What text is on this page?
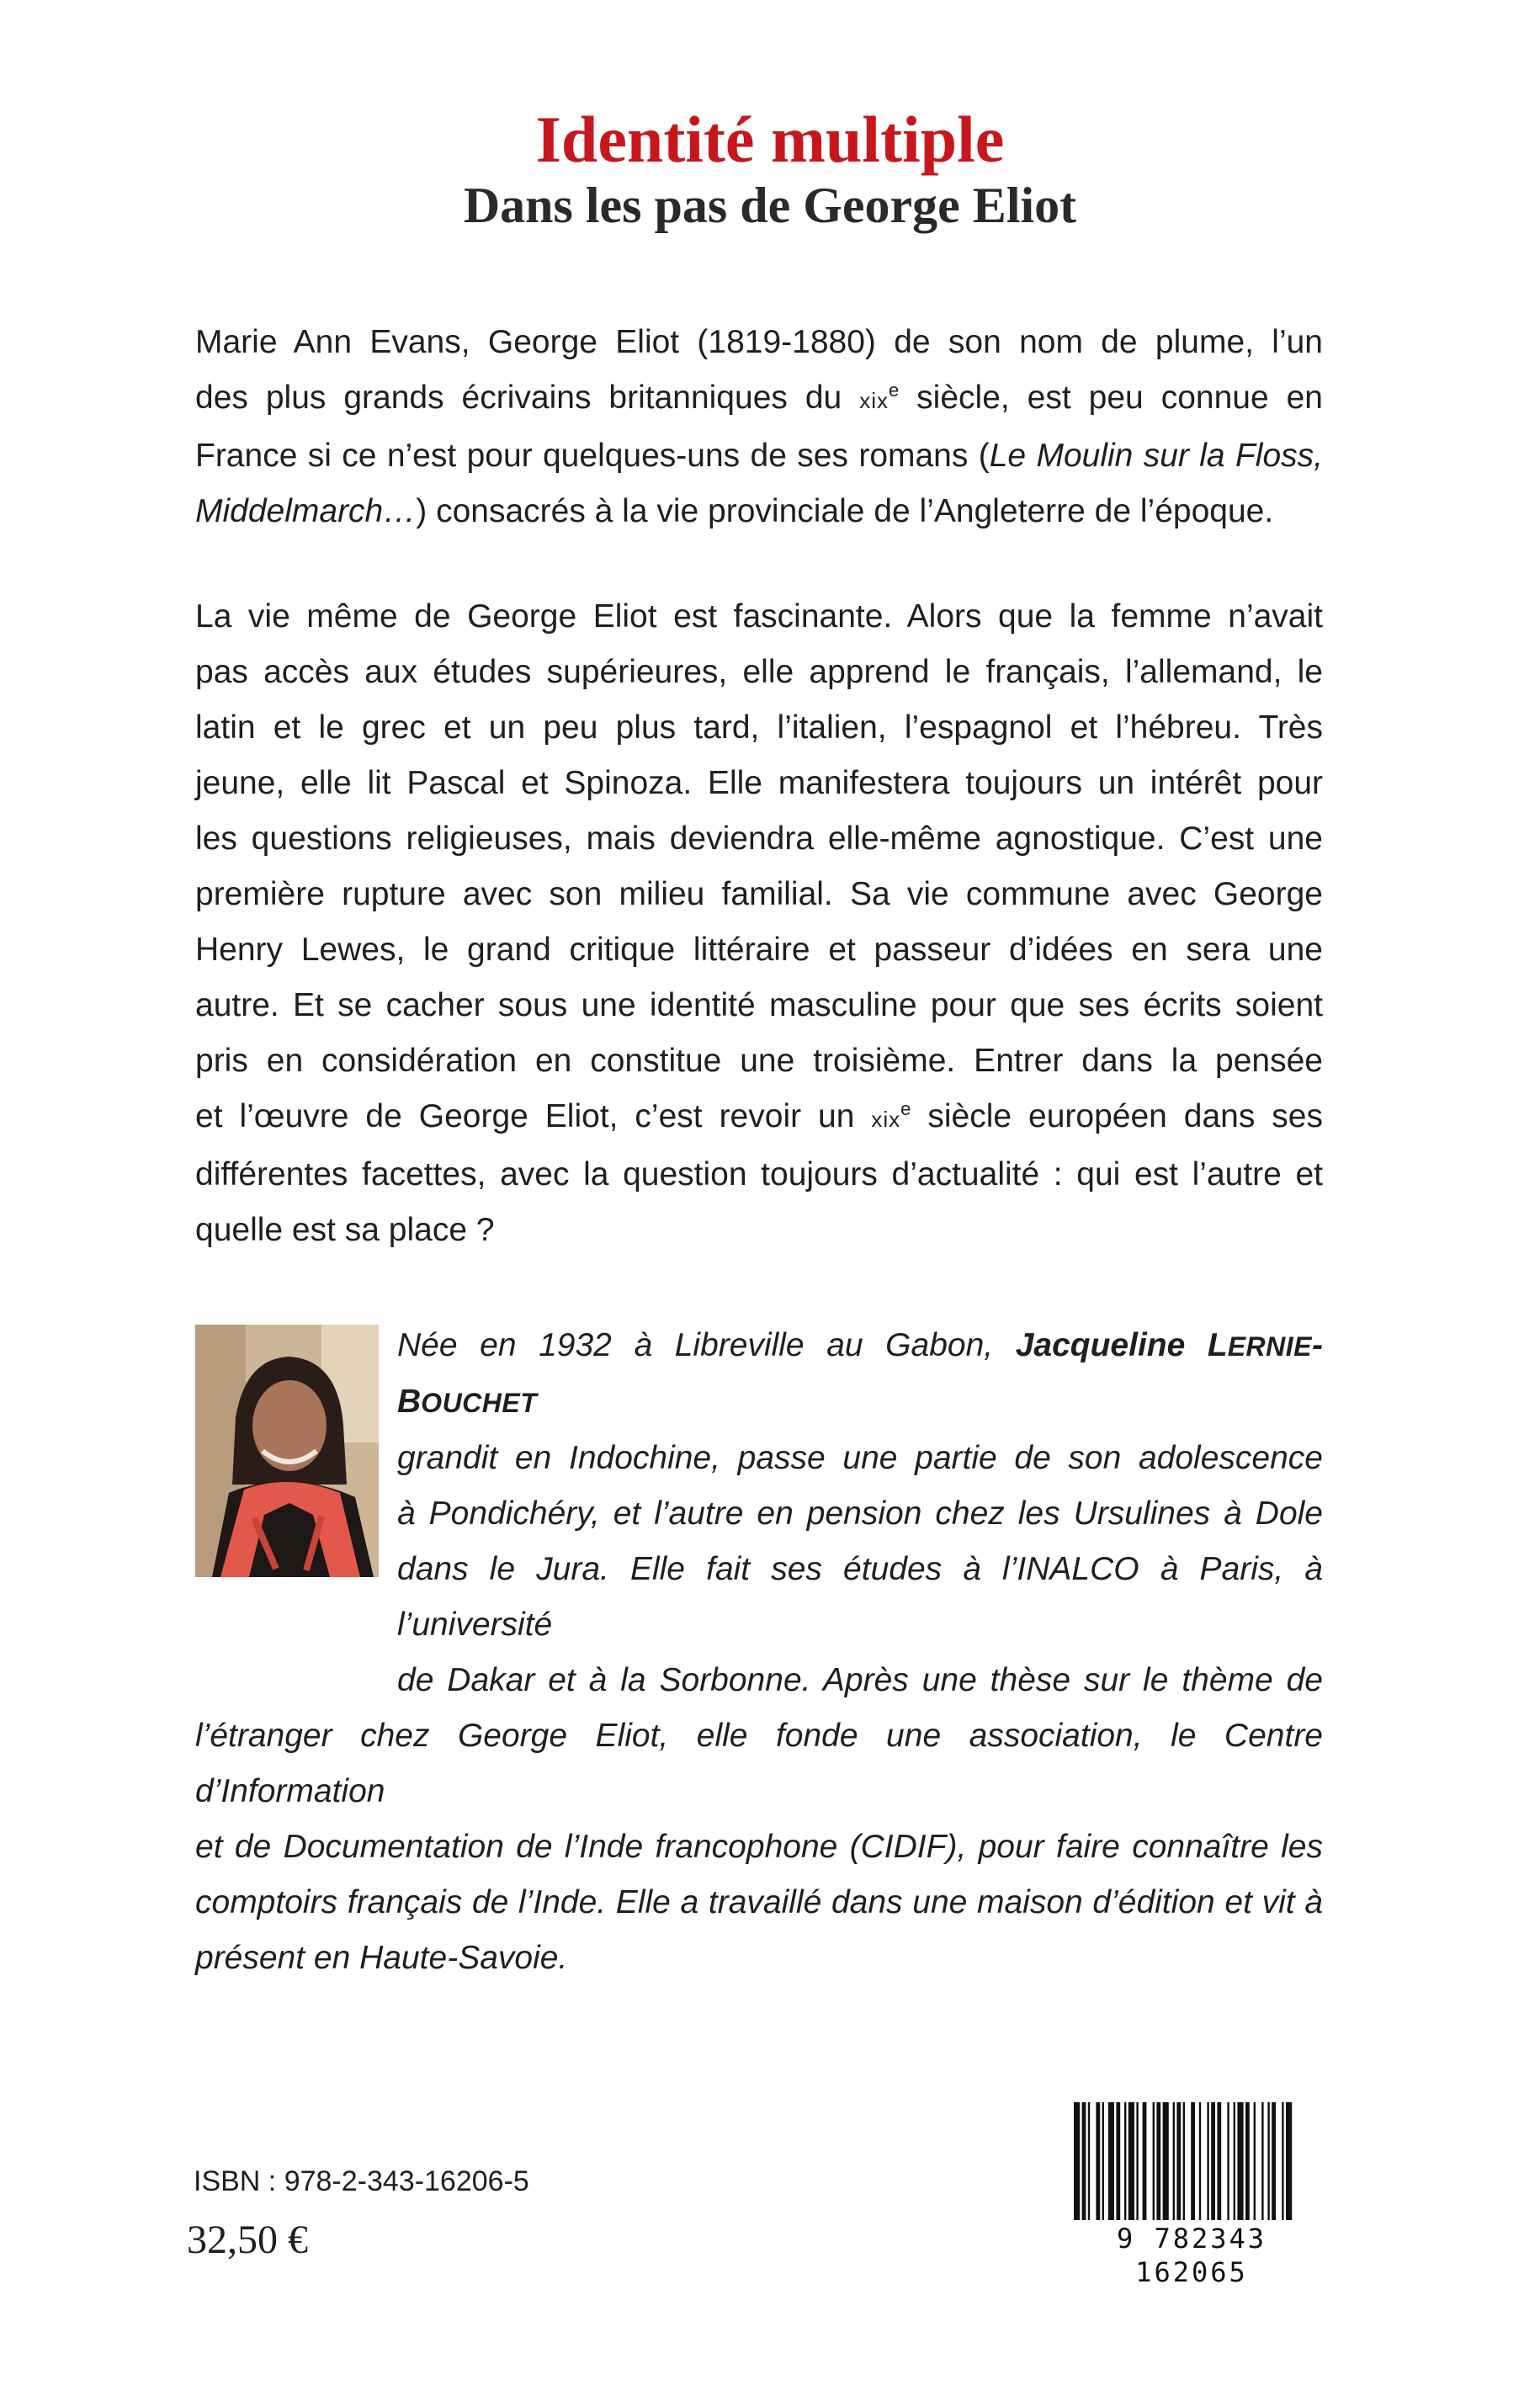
Identité multiple
Dans les pas de George Eliot
Marie Ann Evans, George Eliot (1819-1880) de son nom de plume, l’un
des plus grands écrivains britanniques du xix$^e$ siècle, est peu connue en
France si ce n’est pour quelques-uns de ses romans (Le Moulin sur la Floss,
Middelmarch…) consacrés à la vie provinciale de l’Angleterre de l’époque.
La vie même de George Eliot est fascinante. Alors que la femme n’avait
pas accès aux études supérieures, elle apprend le français, l’allemand, le
latin et le grec et un peu plus tard, l’italien, l’espagnol et l’hébreu. Très
jeune, elle lit Pascal et Spinoza. Elle manifestera toujours un intérêt pour
les questions religieuses, mais deviendra elle-même agnostique. C’est une
première rupture avec son milieu familial. Sa vie commune avec George
Henry Lewes, le grand critique littéraire et passeur d’idées en sera une
autre. Et se cacher sous une identité masculine pour que ses écrits soient
pris en considération en constitue une troisième. Entrer dans la pensée
et l’œuvre de George Eliot, c’est revoir un xix$^e$ siècle européen dans ses
différentes facettes, avec la question toujours d’actualité : qui est l’autre et
quelle est sa place ?
Née en 1932 à Libreville au Gabon, Jacqueline LERNIE-BOUCHET
grandit en Indochine, passe une partie de son adolescence
à Pondichéry, et l’autre en pension chez les Ursulines à Dole
dans le Jura. Elle fait ses études à l’INALCO à Paris, à l’université
de Dakar et à la Sorbonne. Après une thèse sur le thème de
l’étranger chez George Eliot, elle fonde une association, le Centre d’Information
et de Documentation de l’Inde francophone (CIDIF), pour faire connaître les
comptoirs français de l’Inde. Elle a travaillé dans une maison d’édition et vit à
présent en Haute-Savoie.

ISBN : 978-2-343-16206-5

32,50 €	9 782343 162065
